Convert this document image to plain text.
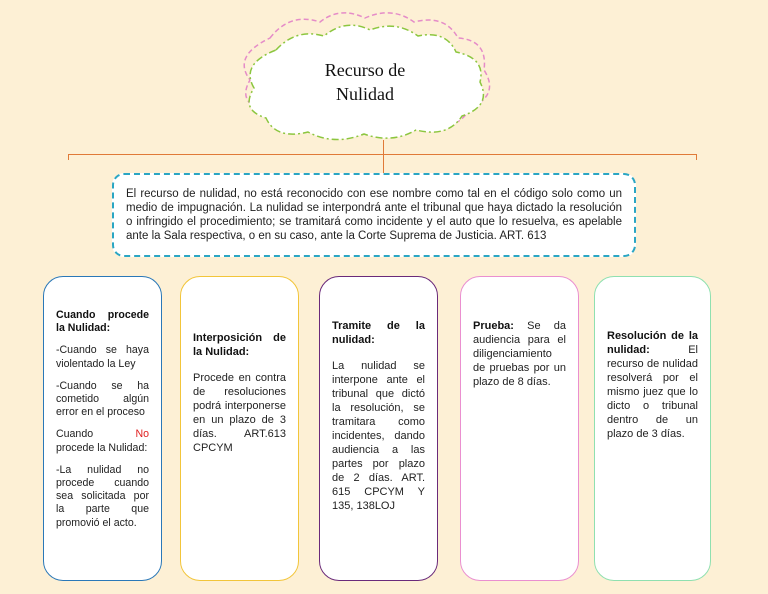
Recurso de
Nulidad
El recurso de nulidad, no está reconocido con ese nombre como tal en el código solo como un medio de impugnación. La nulidad se interpondrá ante el tribunal que haya dictado la resolución o infringido el procedimiento; se tramitará como incidente y el auto que lo resuelva, es apelable ante la Sala respectiva, o en su caso, ante la Corte Suprema de Justicia. ART. 613

Cuando procede la Nulidad:

-Cuando se haya violentado la Ley

-Cuando se ha cometido algún error en el proceso

Cuando No procede la Nulidad:

-La nulidad no procede cuando sea solicitada por la parte que promovió el acto.

Interposición de la Nulidad:

Procede en contra de resoluciones podrá interponerse en un plazo de 3 días. ART.613 CPCYM

Tramite de la nulidad:

La nulidad se interpone ante el tribunal que dictó la resolución, se tramitara como incidentes, dando audiencia a las partes por plazo de 2 días. ART. 615 CPCYM Y 135, 138LOJ

Prueba: Se da audiencia para el diligenciamiento de pruebas por un plazo de 8 días.

Resolución de la nulidad: El recurso de nulidad resolverá por el mismo juez que lo dicto o tribunal dentro de un plazo de 3 días.
